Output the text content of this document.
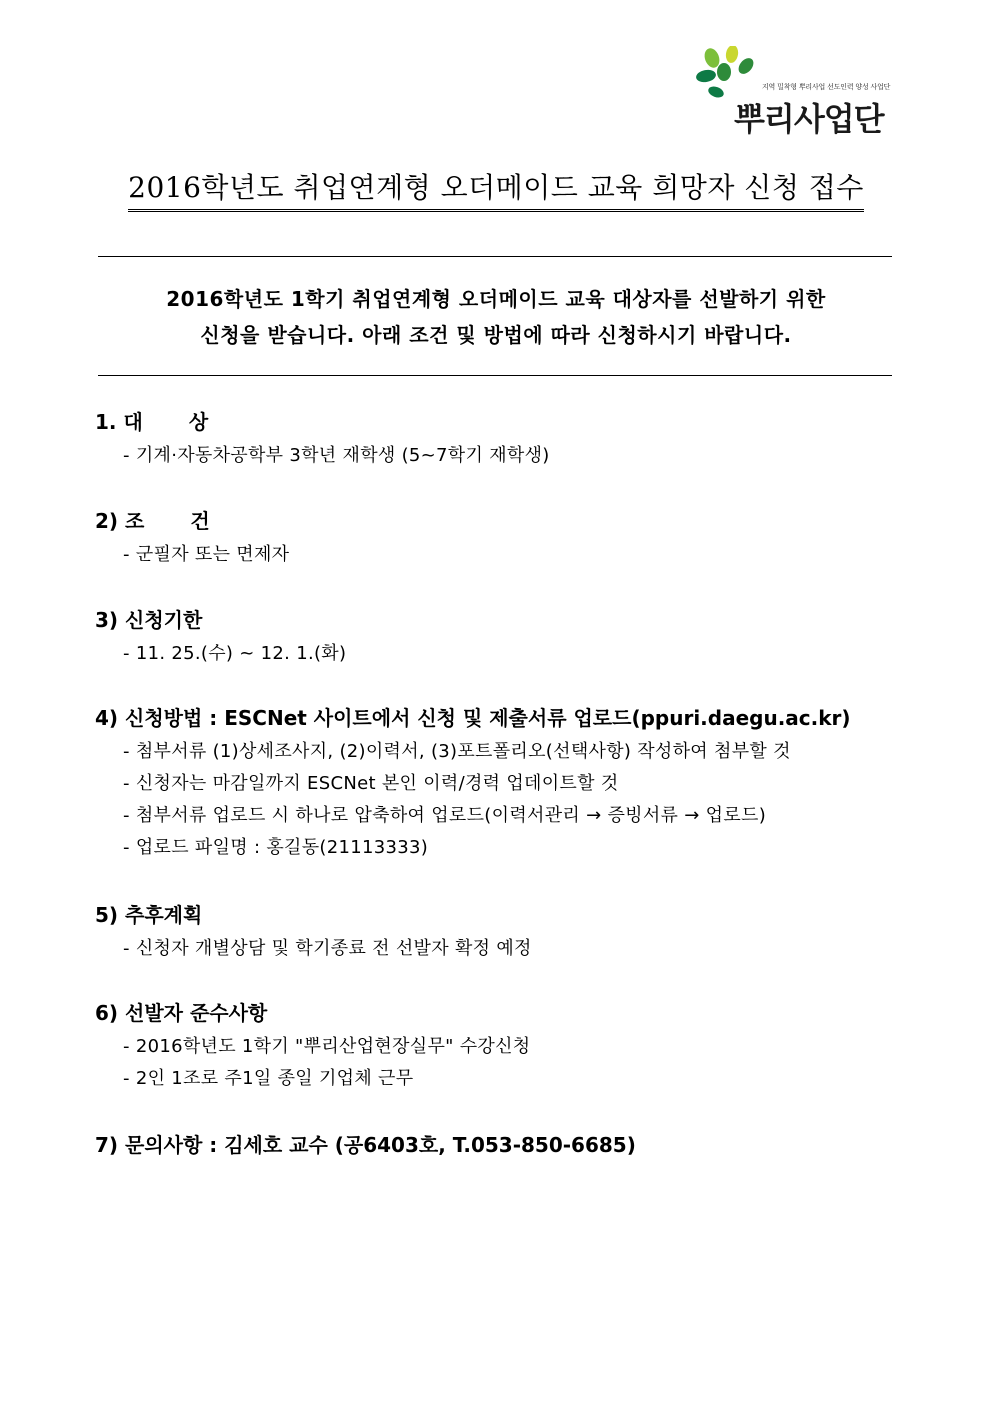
지역 밀착형 뿌리사업 선도인력 양성 사업단
뿌리사업단
2016학년도 취업연계형 오더메이드 교육 희망자 신청 접수
2016학년도 1학기 취업연계형 오더메이드 교육 대상자를 선발하기 위한
신청을 받습니다. 아래 조건 및 방법에 따라 신청하시기 바랍니다.
1. 대 상
- 기계·자동차공학부 3학년 재학생 (5~7학기 재학생)
2) 조 건
- 군필자 또는 면제자
3) 신청기한
- 11. 25.(수) ~ 12. 1.(화)
4) 신청방법 : ESCNet 사이트에서 신청 및 제출서류 업로드(ppuri.daegu.ac.kr)
- 첨부서류 (1)상세조사지, (2)이력서, (3)포트폴리오(선택사항) 작성하여 첨부할 것
- 신청자는 마감일까지 ESCNet 본인 이력/경력 업데이트할 것
- 첨부서류 업로드 시 하나로 압축하여 업로드(이력서관리 → 증빙서류 → 업로드)
- 업로드 파일명 : 홍길동(21113333)
5) 추후계획
- 신청자 개별상담 및 학기종료 전 선발자 확정 예정
6) 선발자 준수사항
- 2016학년도 1학기 "뿌리산업현장실무" 수강신청
- 2인 1조로 주1일 종일 기업체 근무
7) 문의사항 : 김세호 교수 (공6403호, T.053-850-6685)
